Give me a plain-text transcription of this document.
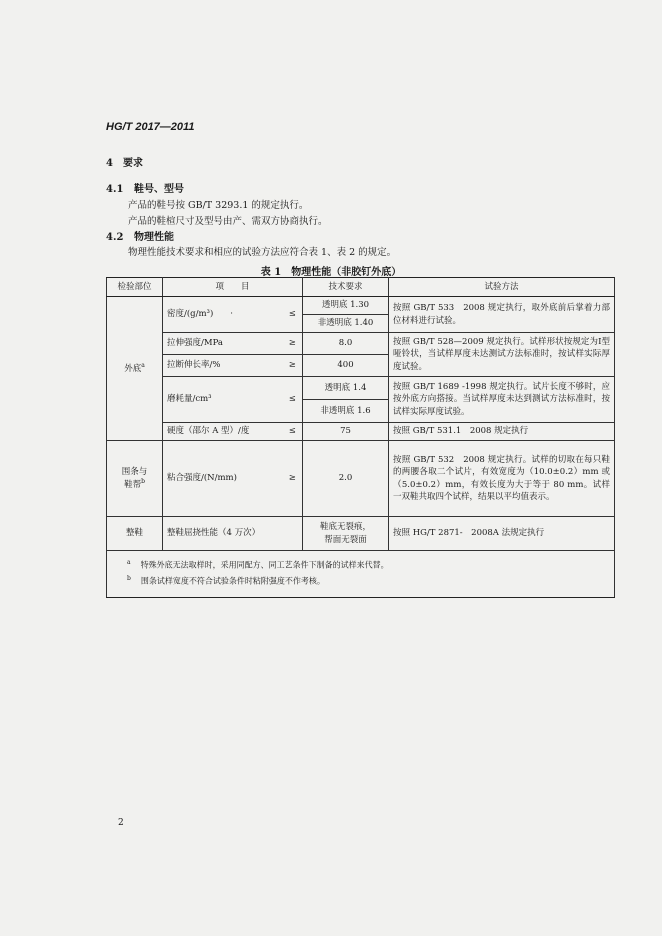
HG/T 2017—2011
4　 要求
4.1 鞋号、型号
产品的鞋号按 GB/T 3293.1 的规定执行。
产品的鞋楦尺寸及型号由产、需双方协商执行。
4.2 物理性能
物理性能技术要求和相应的试验方法应符合表 1、表 2 的规定。
表 1　物理性能（非胶钉外底）
检验部位	项　　目		技术要求	试验方法
外底$^a$	密度/(g/m³)　　·	≤	透明底 1.30	按照 GB/T 533　2008 规定执行，取外底前后掌着力部位材料进行试验。
			非透明底 1.40	
	拉伸强度/MPa	≥	8.0	按照 GB/T 528—2009 规定执行。试样形状按规定为Ⅰ型哑铃状，当试样厚度未达测试方法标准时，按试样实际厚度试验。
	拉断伸长率/%	≥	400	
	磨耗量/cm³	≤	透明底 1.4	按照 GB/T 1689 -1998 规定执行。试片长度不够时，应按外底方向搭接。当试样厚度未达到测试方法标准时，按试样实际厚度试验。
			非透明底 1.6	
	硬度（邵尔 A 型）/度	≤	75	按照 GB/T 531.1　2008 规定执行
围条与
鞋帮$^b$	粘合强度/(N/mm)	≥	2.0	按照 GB/T 532　2008 规定执行。试样的切取在每只鞋的两腰各取二个试片，有效宽度为（10.0±0.2）mm 或（5.0±0.2）mm，有效长度为大于等于 80 mm。试样一双鞋共取四个试样，结果以平均值表示。
整鞋	整鞋屈挠性能（4 万次）		鞋底无裂痕，
帮面无裂面	按照 HG/T 2871-　2008A 法规定执行

$^a$ 特殊外底无法取样时，采用同配方、同工艺条件下制备的试样来代替。
$^b$ 围条试样宽度不符合试验条件时粘附强度不作考核。				
2
